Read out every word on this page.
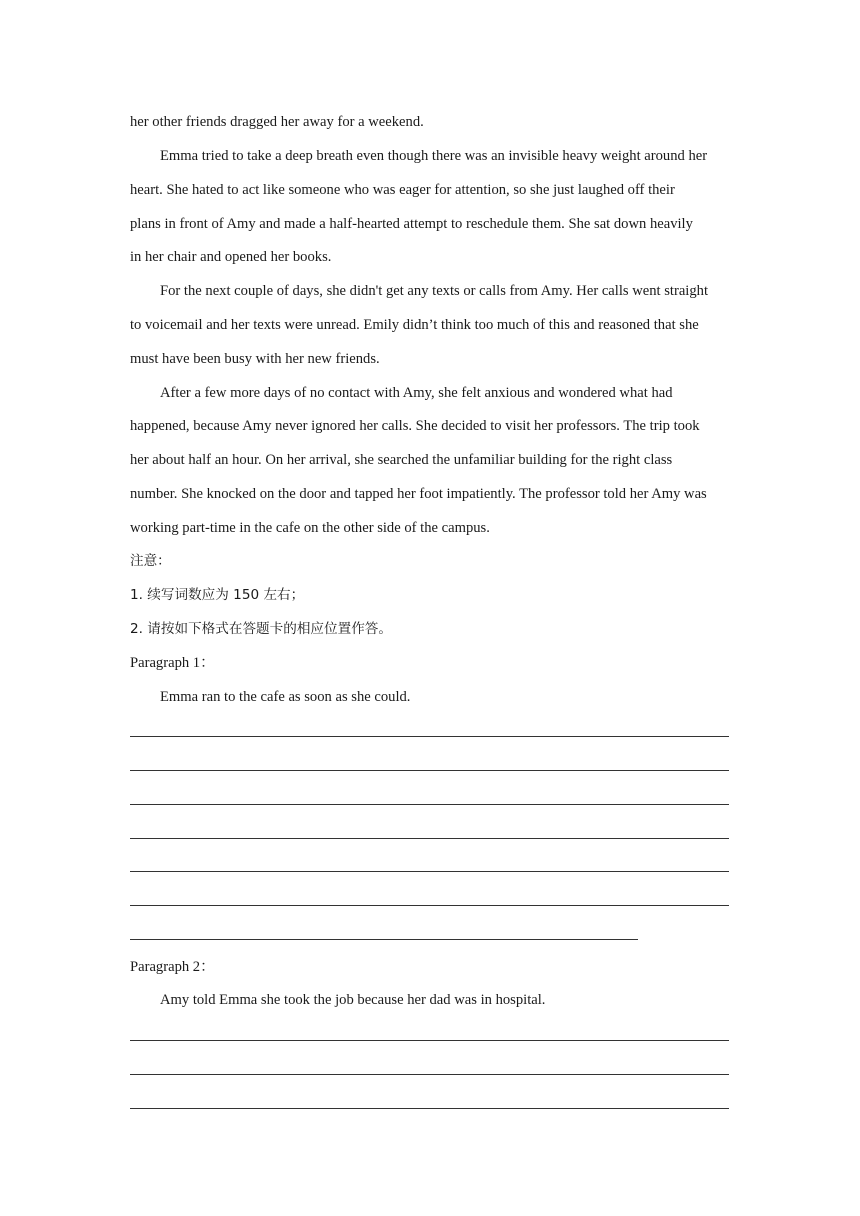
her other friends dragged her away for a weekend.
Emma tried to take a deep breath even though there was an invisible heavy weight around her
heart. She hated to act like someone who was eager for attention, so she just laughed off their
plans in front of Amy and made a half-hearted attempt to reschedule them. She sat down heavily
in her chair and opened her books.
For the next couple of days, she didn't get any texts or calls from Amy. Her calls went straight
to voicemail and her texts were unread. Emily didn’t think too much of this and reasoned that she
must have been busy with her new friends.
After a few more days of no contact with Amy, she felt anxious and wondered what had
happened, because Amy never ignored her calls. She decided to visit her professors. The trip took
her about half an hour. On her arrival, she searched the unfamiliar building for the right class
number. She knocked on the door and tapped her foot impatiently. The professor told her Amy was
working part-time in the cafe on the other side of the campus.
注意：
1. 续写词数应为 150 左右；
2. 请按如下格式在答题卡的相应位置作答。
Paragraph 1：
Emma ran to the cafe as soon as she could.
Paragraph 2：
Amy told Emma she took the job because her dad was in hospital.
